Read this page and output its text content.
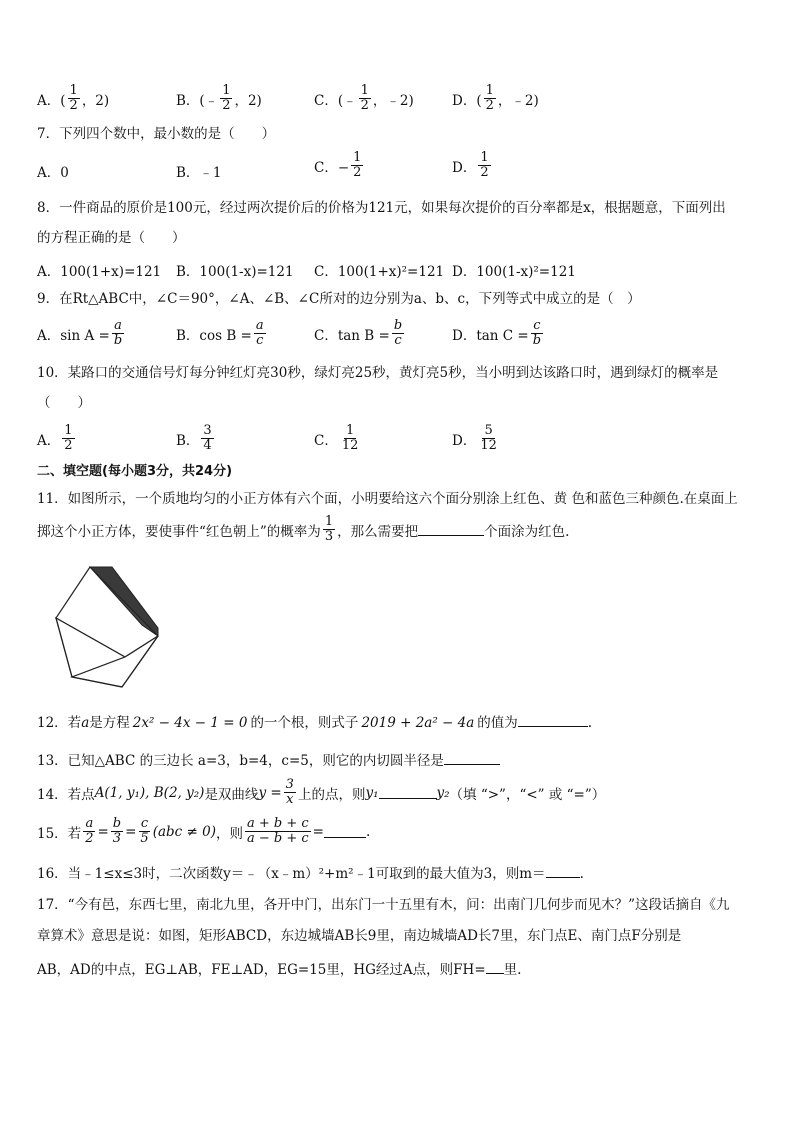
A．( $\frac{1}{2}$ ，2)	B．(﹣ $\frac{1}{2}$ ，2)	C．(﹣ $\frac{1}{2}$ ，﹣2)	D．( $\frac{1}{2}$ ，﹣2)
7．下列四个数中，最小数的是（　　）
A．0	B．﹣1	C．− $\frac{1}{2}$	D． $\frac{1}{2}$
8．一件商品的原价是100元，经过两次提价后的价格为121元，如果每次提价的百分率都是x，根据题意，下面列出
的方程正确的是（　　）
A．100(1+x)=121 B．100(1-x)=121 C．100(1+x)²=121 D．100(1-x)²=121
9．在Rt△ABC中，∠C＝90°，∠A、∠B、∠C所对的边分别为a、b、c，下列等式中成立的是（　）
A．$\sin A = \frac{a}{b}$	B．$\cos B = \frac{a}{c}$	C．$\tan B = \frac{b}{c}$	D．$\tan C = \frac{c}{b}$
10．某路口的交通信号灯每分钟红灯亮30秒，绿灯亮25秒，黄灯亮5秒，当小明到达该路口时，遇到绿灯的概率是
（　　）
A． $\frac{1}{2}$	B． $\frac{3}{4}$	C． $\frac{1}{12}$	D． $\frac{5}{12}$
二、填空题(每小题3分，共24分)
11．如图所示，一个质地均匀的小正方体有六个面，小明要给这六个面分别涂上红色、黄 色和蓝色三种颜色.在桌面上
掷这个小正方体，要使事件“红色朝上”的概率为 $\frac{1}{3}$ ，那么需要把	个面涂为红色.
12．若a是方程 2x² − 4x − 1 = 0 的一个根，则式子 2019 + 2a² − 4a 的值为	.
13．已知△ABC 的三边长 a=3，b=4，c=5，则它的内切圆半径是
14．若点 A(1, y₁), B(2, y₂) 是双曲线 $y = \frac{3}{x}$ 上的点，则 y₁	y₂ （填 “>”，“<” 或 “=”）
15．若 $\frac{a}{2} = \frac{b}{3} = \frac{c}{5} (abc \ne 0)$ ，则 $\frac{a + b + c}{a - b + c}$ =	.
16．当﹣1≤x≤3时，二次函数y＝﹣（x﹣m）²+m²﹣1可取到的最大值为3，则m＝	.
17．“今有邑，东西七里，南北九里，各开中门，出东门一十五里有木，问：出南门几何步而见木？”这段话摘自《九
章算术》意思是说：如图，矩形ABCD，东边城墙AB长9里，南边城墙AD长7里，东门点E、南门点F分别是
AB，AD的中点，EG⊥AB，FE⊥AD，EG=15里，HG经过A点，则FH= 里.
